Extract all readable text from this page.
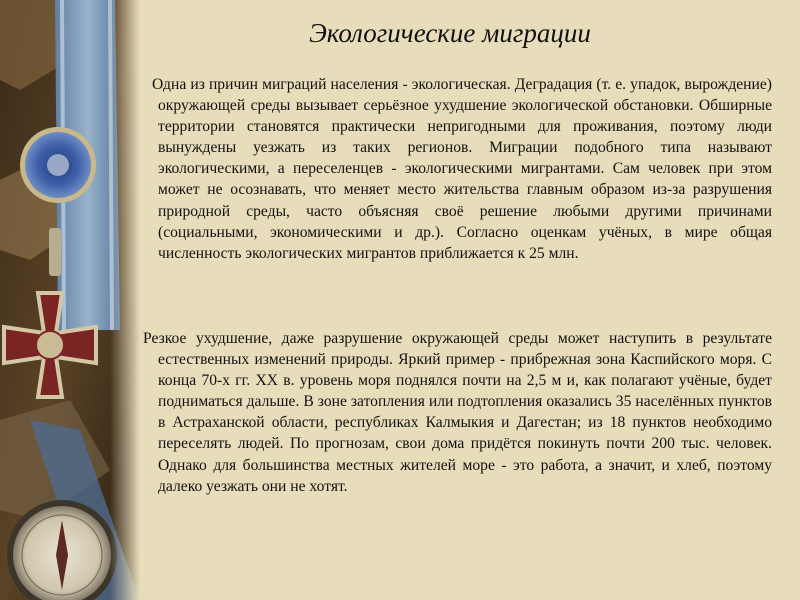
Экологические миграции

Одна из причин миграций населения - экологическая. Деградация (т. е. упадок, вырождение) окружающей среды вызывает серьёзное ухудшение экологической обстановки. Обширные территории становятся практически непригодными для проживания, поэтому люди вынуждены уезжать из таких регионов. Миграции подобного типа называют экологическими, а переселенцев - экологическими мигрантами. Сам человек при этом может не осознавать, что меняет место жительства главным образом из-за разрушения природной среды, часто объясняя своё решение любыми другими причинами (социальными, экономическими и др.). Согласно оценкам учёных, в мире общая численность экологических мигрантов приближается к 25 млн.

Резкое ухудшение, даже разрушение окружающей среды может наступить в результате естественных изменений природы. Яркий пример - прибрежная зона Каспийского моря. С конца 70-х гг. XX в. уровень моря поднялся почти на 2,5 м и, как полагают учёные, будет подниматься дальше. В зоне затопления или подтопления оказались 35 населённых пунктов в Астраханской области, республиках Калмыкия и Дагестан; из 18 пунктов необходимо переселять людей. По прогнозам, свои дома придётся покинуть почти 200 тыс. человек. Однако для большинства местных жителей море - это работа, а значит, и хлеб, поэтому далеко уезжать они не хотят.
